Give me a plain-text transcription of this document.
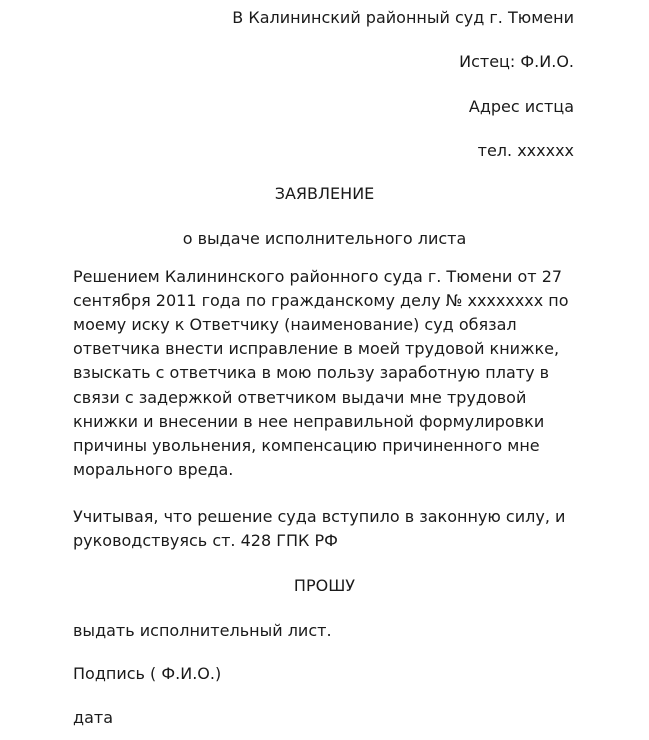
В Калининский районный суд г. Тюмени
Истец: Ф.И.О.
Адрес истца
тел. xxxxxx
ЗАЯВЛЕНИЕ
о выдаче исполнительного листа
Решением Калининского районного суда г. Тюмени от 27
сентября 2011 года по гражданскому делу № xxxxxxxx по
моему иску к Ответчику (наименование) суд обязал
ответчика внести исправление в моей трудовой книжке,
взыскать с ответчика в мою пользу заработную плату в
связи с задержкой ответчиком выдачи мне трудовой
книжки и внесении в нее неправильной формулировки
причины увольнения, компенсацию причиненного мне
морального вреда.
Учитывая, что решение суда вступило в законную силу, и
руководствуясь ст. 428 ГПК РФ
ПРОШУ
выдать исполнительный лист.
Подпись ( Ф.И.О.)
дата
